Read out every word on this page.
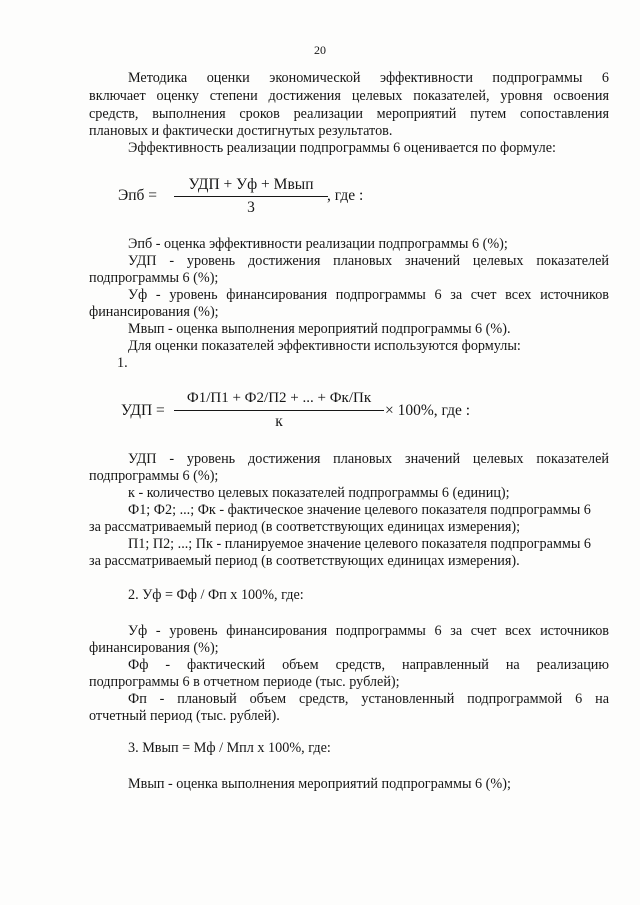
20
Методика оценки экономической эффективности подпрограммы 6
включает оценку степени достижения целевых показателей, уровня освоения
средств, выполнения сроков реализации мероприятий путем сопоставления
плановых и фактически достигнутых результатов.
Эффективность реализации подпрограммы 6 оценивается по формуле:
Эпб =
УДП + Уф + Мвып
3
, где :
Эпб - оценка эффективности реализации подпрограммы 6 (%);
УДП - уровень достижения плановых значений целевых показателей
подпрограммы 6 (%);
Уф - уровень финансирования подпрограммы 6 за счет всех источников
финансирования (%);
Мвып - оценка выполнения мероприятий подпрограммы 6 (%).
Для оценки показателей эффективности используются формулы:
1.
УДП =
Ф1/П1 + Ф2/П2 + ... + Фк/Пк
к
× 100%, где :
УДП - уровень достижения плановых значений целевых показателей
подпрограммы 6 (%);
к - количество целевых показателей подпрограммы 6 (единиц);
Ф1; Ф2; ...; Фк - фактическое значение целевого показателя подпрограммы 6
за рассматриваемый период (в соответствующих единицах измерения);
П1; П2; ...; Пк - планируемое значение целевого показателя подпрограммы 6
за рассматриваемый период (в соответствующих единицах измерения).
2. Уф = Фф / Фп х 100%, где:
Уф - уровень финансирования подпрограммы 6 за счет всех источников
финансирования (%);
Фф - фактический объем средств, направленный на реализацию
подпрограммы 6 в отчетном периоде (тыс. рублей);
Фп - плановый объем средств, установленный подпрограммой 6 на
отчетный период (тыс. рублей).
3. Мвып = Мф / Мпл х 100%, где:
Мвып - оценка выполнения мероприятий подпрограммы 6 (%);
